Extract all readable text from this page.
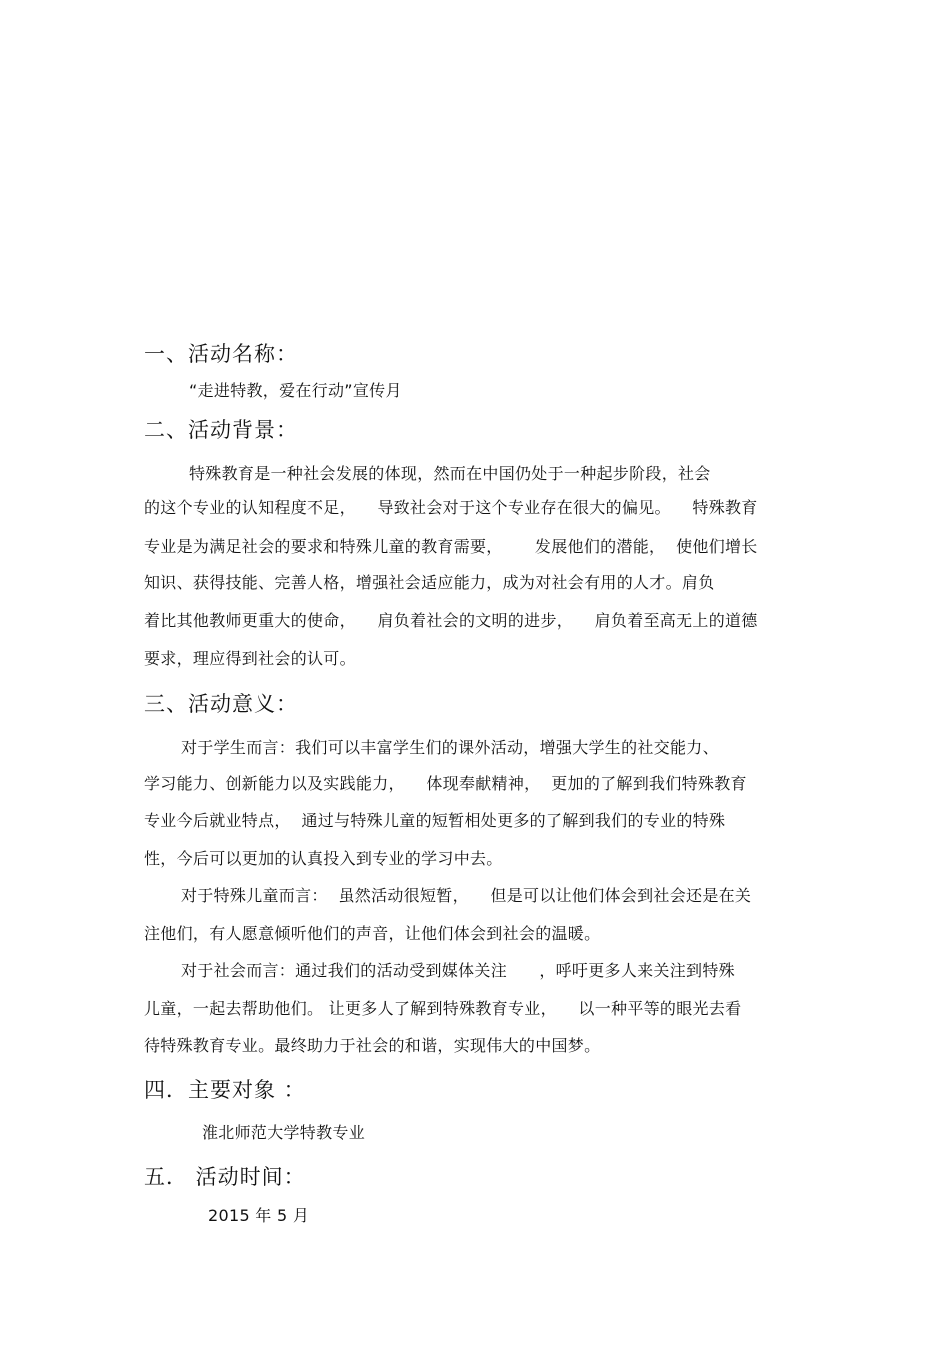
一、活动名称：
“走进特教，爱在行动”宣传月
二、活动背景：
特殊教育是一种社会发展的体现，然而在中国仍处于一种起步阶段，社会
的这个专业的认知程度不足，    导致社会对于这个专业存在很大的偏见。    特殊教育
专业是为满足社会的要求和特殊儿童的教育需要，      发展他们的潜能，  使他们增长
知识、获得技能、完善人格，增强社会适应能力，成为对社会有用的人才。肩负
着比其他教师更重大的使命，    肩负着社会的文明的进步，    肩负着至高无上的道德
要求，理应得到社会的认可。
三、活动意义：
对于学生而言：我们可以丰富学生们的课外活动，增强大学生的社交能力、
学习能力、创新能力以及实践能力，    体现奉献精神，  更加的了解到我们特殊教育
专业今后就业特点，  通过与特殊儿童的短暂相处更多的了解到我们的专业的特殊
性，今后可以更加的认真投入到专业的学习中去。
对于特殊儿童而言：  虽然活动很短暂，    但是可以让他们体会到社会还是在关
注他们，有人愿意倾听他们的声音，让他们体会到社会的温暖。
对于社会而言：通过我们的活动受到媒体关注      ，呼吁更多人来关注到特殊
儿童，一起去帮助他们。 让更多人了解到特殊教育专业，    以一种平等的眼光去看
待特殊教育专业。最终助力于社会的和谐，实现伟大的中国梦。
四．主要对象 ：
淮北师范大学特教专业
五． 活动时间：
2015 年 5 月
